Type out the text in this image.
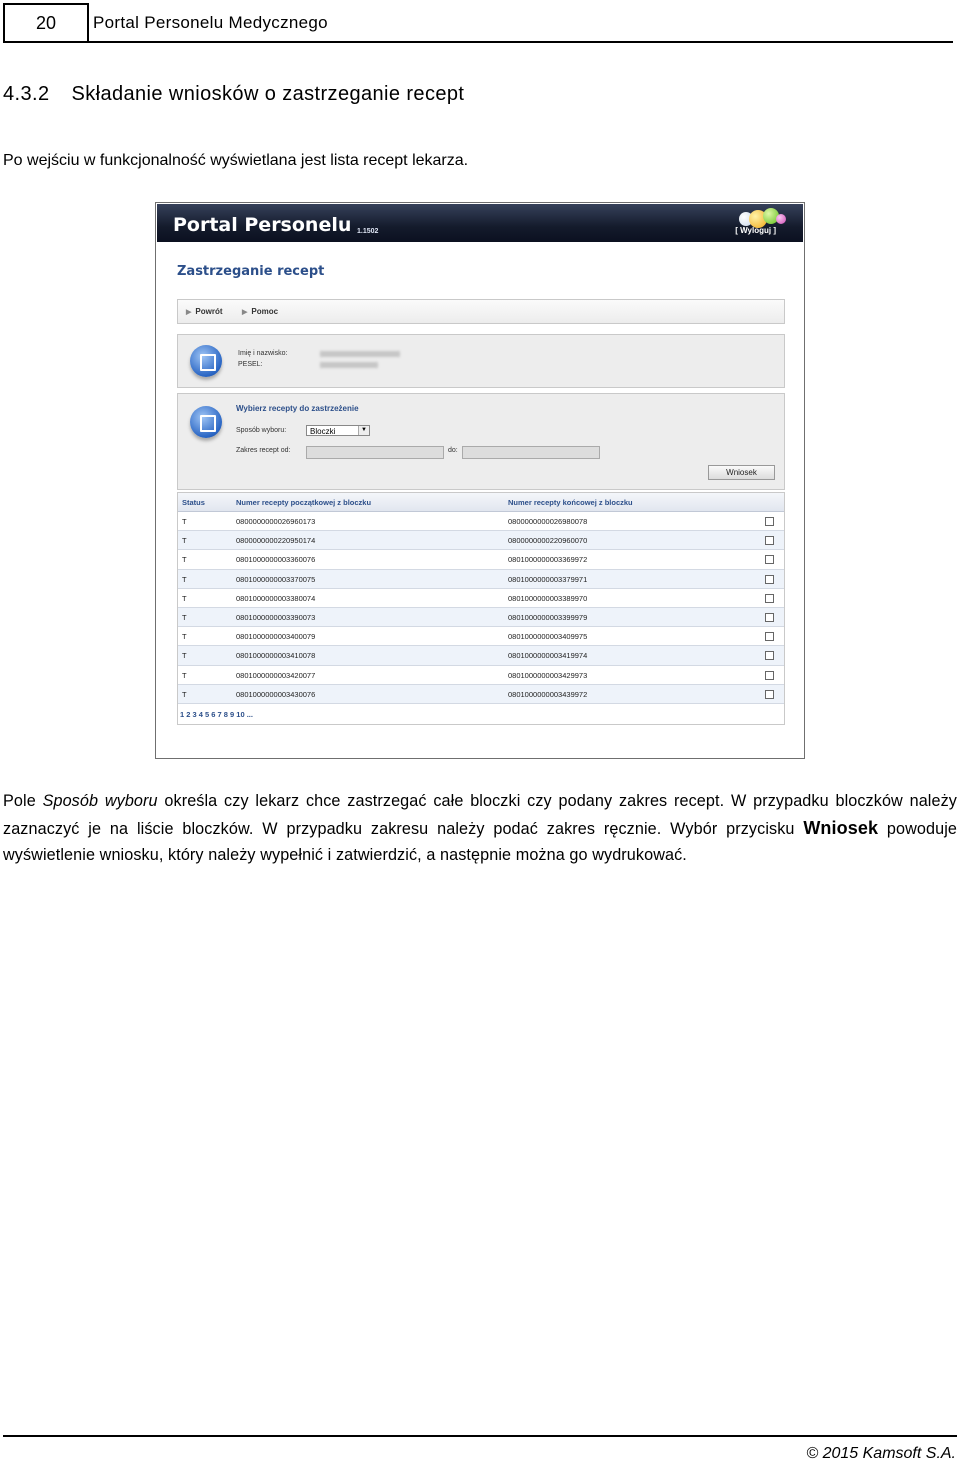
20	Portal Personelu Medycznego
4.3.2 Składanie wniosków o zastrzeganie recept
Po wejściu w funkcjonalność wyświetlana jest lista recept lekarza.
Portal Personelu 1.1502	[ Wyloguj ]
Zastrzeganie recept
▶ Powrót	▶ Pomoc
Imię i nazwisko:
PESEL:
Wybierz recepty do zastrzeżenie
Sposób wyboru:	Bloczki	▼
Zakres recept od:	do:
Wniosek
Status	Numer recepty początkowej z bloczku	Numer recepty końcowej z bloczku
T	0800000000026960173	0800000000026980078
T	0800000000220950174	0800000000220960070
T	0801000000003360076	0801000000003369972
T	0801000000003370075	0801000000003379971
T	0801000000003380074	0801000000003389970
T	0801000000003390073	0801000000003399979
T	0801000000003400079	0801000000003409975
T	0801000000003410078	0801000000003419974
T	0801000000003420077	0801000000003429973
T	0801000000003430076	0801000000003439972
1 2 3 4 5 6 7 8 9 10 ...
Pole Sposób wyboru określa czy lekarz chce zastrzegać całe bloczki czy podany zakres recept. W przypadku bloczków należy zaznaczyć je na liście bloczków. W przypadku zakresu należy podać zakres ręcznie. Wybór przycisku Wniosek powoduje wyświetlenie wniosku, który należy wypełnić i zatwierdzić, a następnie można go wydrukować.
© 2015 Kamsoft S.A.
